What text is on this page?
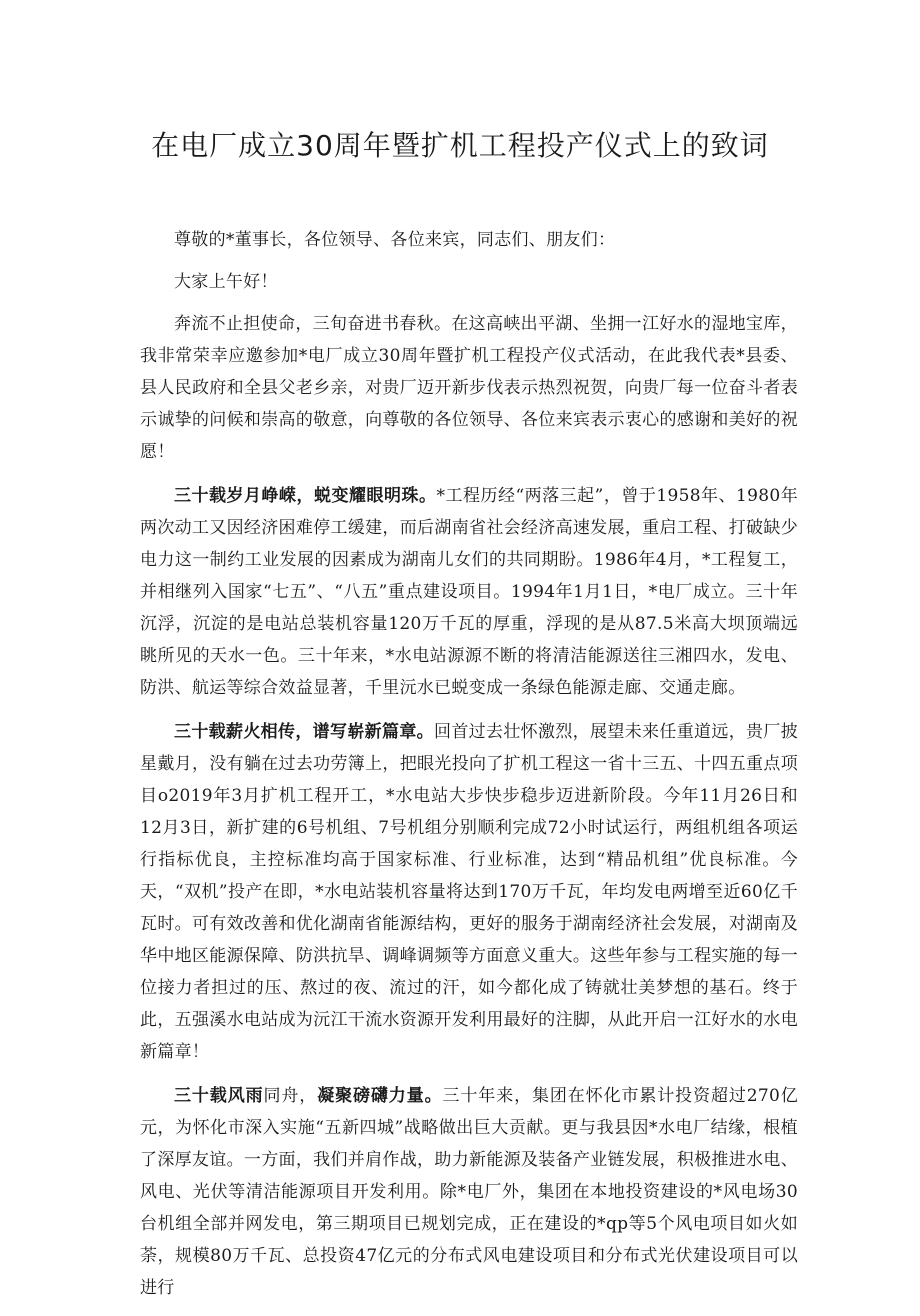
在电厂成立30周年暨扩机工程投产仪式上的致词

尊敬的*董事长，各位领导、各位来宾，同志们、朋友们：

大家上午好！

奔流不止担使命，三旬奋进书春秋。在这高峡出平湖、坐拥一江好水的湿地宝库，我非常荣幸应邀参加*电厂成立30周年暨扩机工程投产仪式活动，在此我代表*县委、县人民政府和全县父老乡亲，对贵厂迈开新步伐表示热烈祝贺，向贵厂每一位奋斗者表示诚挚的问候和崇高的敬意，向尊敬的各位领导、各位来宾表示衷心的感谢和美好的祝愿！

三十载岁月峥嵘，蜕变耀眼明珠。*工程历经“两落三起”，曾于1958年、1980年两次动工又因经济困难停工缓建，而后湖南省社会经济高速发展，重启工程、打破缺少电力这一制约工业发展的因素成为湖南儿女们的共同期盼。1986年4月，*工程复工，并相继列入国家“七五”、“八五”重点建设项目。1994年1月1日，*电厂成立。三十年沉浮，沉淀的是电站总装机容量120万千瓦的厚重，浮现的是从87.5米高大坝顶端远眺所见的天水一色。三十年来，*水电站源源不断的将清洁能源送往三湘四水，发电、防洪、航运等综合效益显著，千里沅水已蜕变成一条绿色能源走廊、交通走廊。

三十载薪火相传，谱写崭新篇章。回首过去壮怀激烈，展望未来任重道远，贵厂披星戴月，没有躺在过去功劳簿上，把眼光投向了扩机工程这一省十三五、十四五重点项目o2019年3月扩机工程开工，*水电站大步快步稳步迈进新阶段。今年11月26日和12月3日，新扩建的6号机组、7号机组分别顺利完成72小时试运行，两组机组各项运行指标优良，主控标准均高于国家标准、行业标准，达到“精品机组”优良标准。今天，“双机”投产在即，*水电站装机容量将达到170万千瓦，年均发电两增至近60亿千瓦时。可有效改善和优化湖南省能源结构，更好的服务于湖南经济社会发展，对湖南及华中地区能源保障、防洪抗旱、调峰调频等方面意义重大。这些年参与工程实施的每一位接力者担过的压、熬过的夜、流过的汗，如今都化成了铸就壮美梦想的基石。终于此，五强溪水电站成为沅江干流水资源开发利用最好的注脚，从此开启一江好水的水电新篇章！

三十载风雨同舟，凝聚磅礴力量。三十年来，集团在怀化市累计投资超过270亿元，为怀化市深入实施“五新四城”战略做出巨大贡献。更与我县因*水电厂结缘，根植了深厚友谊。一方面，我们并肩作战，助力新能源及装备产业链发展，积极推进水电、风电、光伏等清洁能源项目开发利用。除*电厂外，集团在本地投资建设的*风电场30台机组全部并网发电，第三期项目已规划完成，正在建设的*qp等5个风电项目如火如荼，规模80万千瓦、总投资47亿元的分布式风电建设项目和分布式光伏建设项目可以进行
